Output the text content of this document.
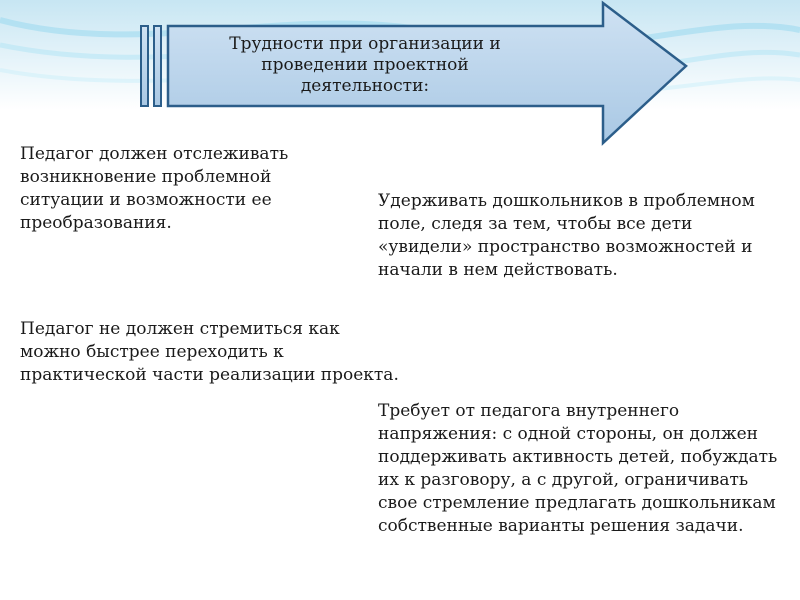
Трудности при организации и проведении проектной деятельности:

Педагог должен отслеживать возникновение проблемной ситуации и возможности ее преобразования.

Педагог не должен стремиться как можно быстрее переходить к практической части реализации проекта.

Удерживать дошкольников в проблемном поле, следя за тем, чтобы все дети «увидели» пространство возможностей и начали в нем действовать.

Требует от педагога внутреннего напряжения: с одной стороны, он должен поддерживать активность детей, побуждать их к разговору, а с другой, ограничивать свое стремление предлагать дошкольникам собственные варианты решения задачи.
